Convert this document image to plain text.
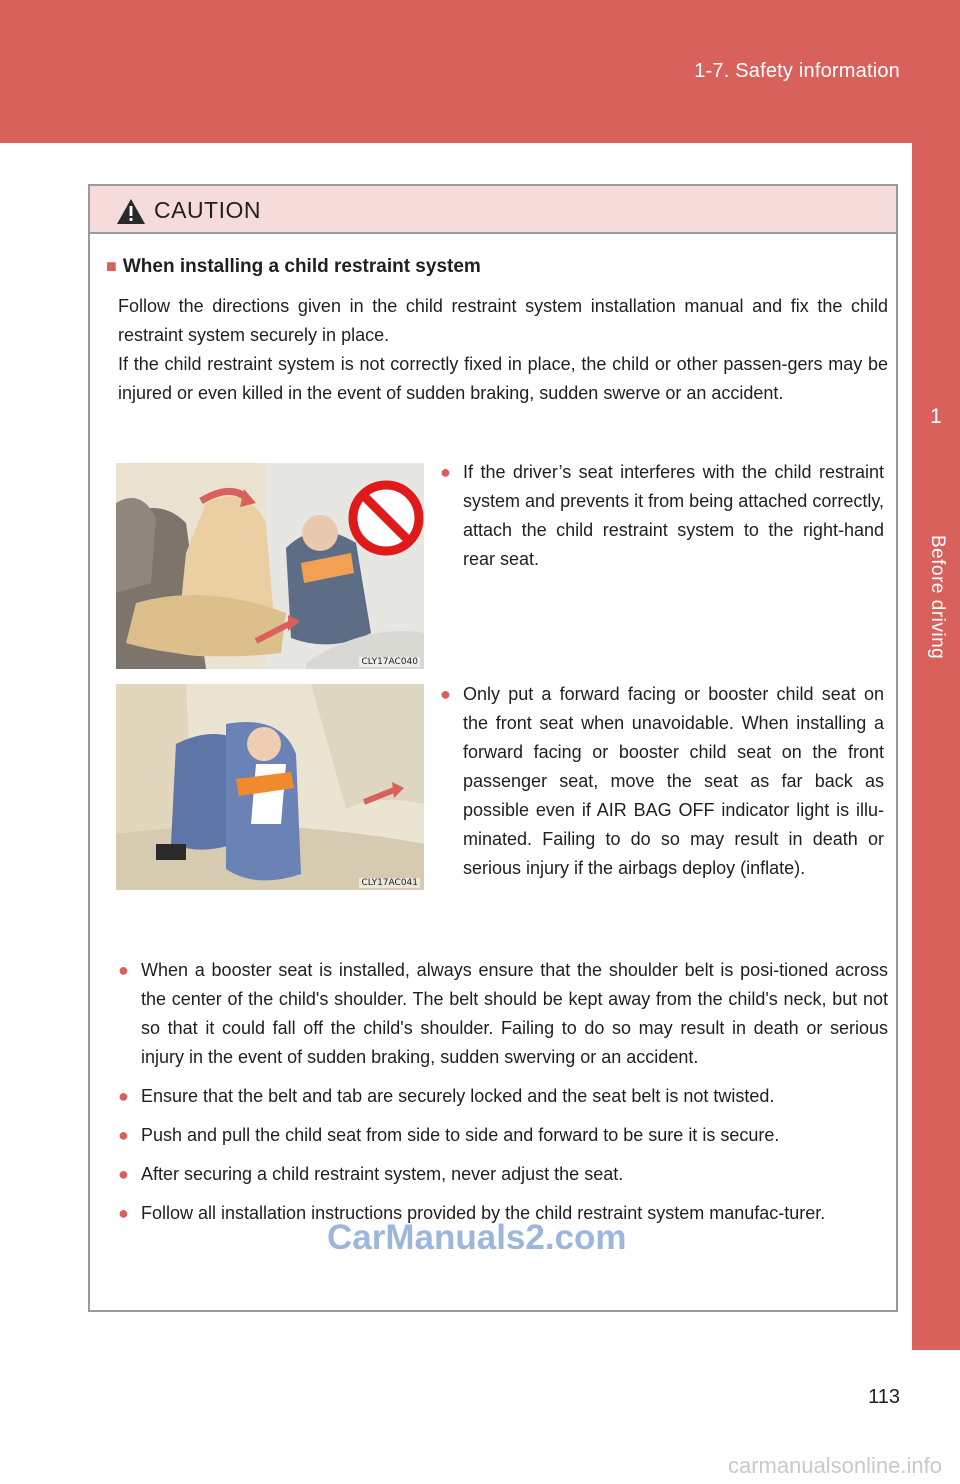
1-7. Safety information
1
Before driving
CAUTION
■ When installing a child restraint system

Follow the directions given in the child restraint system installation manual and fix the child restraint system securely in place.

If the child restraint system is not correctly fixed in place, the child or other passen-gers may be injured or even killed in the event of sudden braking, sudden swerve or an accident.

CLY17AC040
● If the driver’s seat interferes with the child restraint system and prevents it from being attached correctly, attach the child restraint system to the right-hand rear seat.
CLY17AC041
● Only put a forward facing or booster child seat on the front seat when unavoidable. When installing a forward facing or booster child seat on the front passenger seat, move the seat as far back as possible even if AIR BAG OFF indicator light is illu-minated. Failing to do so may result in death or serious injury if the airbags deploy (inflate).
● When a booster seat is installed, always ensure that the shoulder belt is posi-tioned across the center of the child's shoulder. The belt should be kept away from the child's neck, but not so that it could fall off the child's shoulder. Failing to do so may result in death or serious injury in the event of sudden braking, sudden swerving or an accident.
● Ensure that the belt and tab are securely locked and the seat belt is not twisted.
● Push and pull the child seat from side to side and forward to be sure it is secure.
● After securing a child restraint system, never adjust the seat.
● Follow all installation instructions provided by the child restraint system manufac-turer.
CarManuals2.com
113
carmanualsonline.info
